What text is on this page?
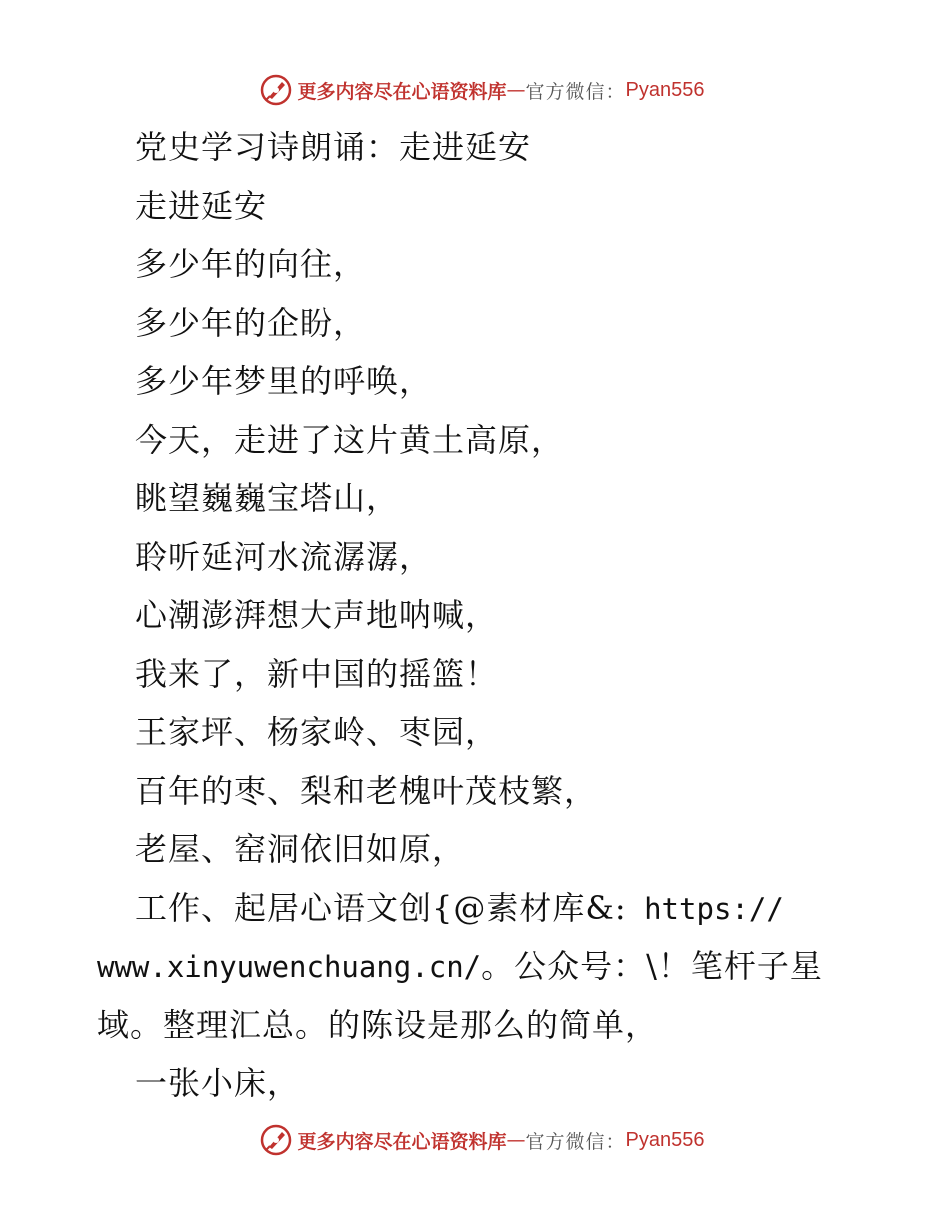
更多内容尽在心语资料库 — 官方微信： Pyan556
党史学习诗朗诵：走进延安
走进延安
多少年的向往，
多少年的企盼，
多少年梦里的呼唤，
今天，走进了这片黄土高原，
眺望巍巍宝塔山，
聆听延河水流潺潺，
心潮澎湃想大声地呐喊，
我来了，新中国的摇篮！
王家坪、杨家岭、枣园，
百年的枣、梨和老槐叶茂枝繁，
老屋、窑洞依旧如原，
工作、起居心语文创{@素材库&: https://
www.xinyuwenchuang.cn/。公众号：\！笔杆子星
域。整理汇总。的陈设是那么的简单，
一张小床，
更多内容尽在心语资料库 — 官方微信： Pyan556
